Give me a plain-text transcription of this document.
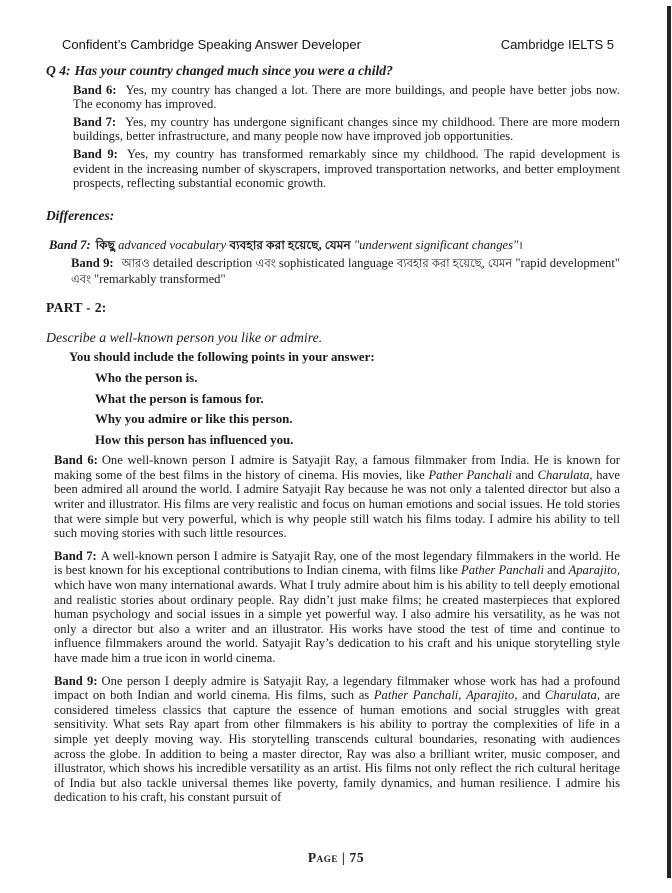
Confident’s Cambridge Speaking Answer Developer	Cambridge IELTS 5

Q 4: Has your country changed much since you were a child?

Band 6: Yes, my country has changed a lot. There are more buildings, and people have better jobs now. The economy has improved.

Band 7: Yes, my country has undergone significant changes since my childhood. There are more modern buildings, better infrastructure, and many people now have improved job opportunities.

Band 9: Yes, my country has transformed remarkably since my childhood. The rapid development is evident in the increasing number of skyscrapers, improved transportation networks, and better employment prospects, reflecting substantial economic growth.

Differences:

Band 7: কিছু advanced vocabulary ব্যবহার করা হয়েছে, যেমন "underwent significant changes"।

Band 9: আরও detailed description এবং sophisticated language ব্যবহার করা হয়েছে, যেমন "rapid development" এবং "remarkably transformed"

PART - 2:

Describe a well-known person you like or admire.

You should include the following points in your answer:

Who the person is.

What the person is famous for.

Why you admire or like this person.

How this person has influenced you.

Band 6: One well-known person I admire is Satyajit Ray, a famous filmmaker from India. He is known for making some of the best films in the history of cinema. His movies, like Pather Panchali and Charulata, have been admired all around the world. I admire Satyajit Ray because he was not only a talented director but also a writer and illustrator. His films are very realistic and focus on human emotions and social issues. He told stories that were simple but very powerful, which is why people still watch his films today. I admire his ability to tell such moving stories with such little resources.

Band 7: A well-known person I admire is Satyajit Ray, one of the most legendary filmmakers in the world. He is best known for his exceptional contributions to Indian cinema, with films like Pather Panchali and Aparajito, which have won many international awards. What I truly admire about him is his ability to tell deeply emotional and realistic stories about ordinary people. Ray didn’t just make films; he created masterpieces that explored human psychology and social issues in a simple yet powerful way. I also admire his versatility, as he was not only a director but also a writer and an illustrator. His works have stood the test of time and continue to influence filmmakers around the world. Satyajit Ray’s dedication to his craft and his unique storytelling style have made him a true icon in world cinema.

Band 9: One person I deeply admire is Satyajit Ray, a legendary filmmaker whose work has had a profound impact on both Indian and world cinema. His films, such as Pather Panchali, Aparajito, and Charulata, are considered timeless classics that capture the essence of human emotions and social struggles with great sensitivity. What sets Ray apart from other filmmakers is his ability to portray the complexities of life in a simple yet deeply moving way. His storytelling transcends cultural boundaries, resonating with audiences across the globe. In addition to being a master director, Ray was also a brilliant writer, music composer, and illustrator, which shows his incredible versatility as an artist. His films not only reflect the rich cultural heritage of India but also tackle universal themes like poverty, family dynamics, and human resilience. I admire his dedication to his craft, his constant pursuit of

Page | 75
